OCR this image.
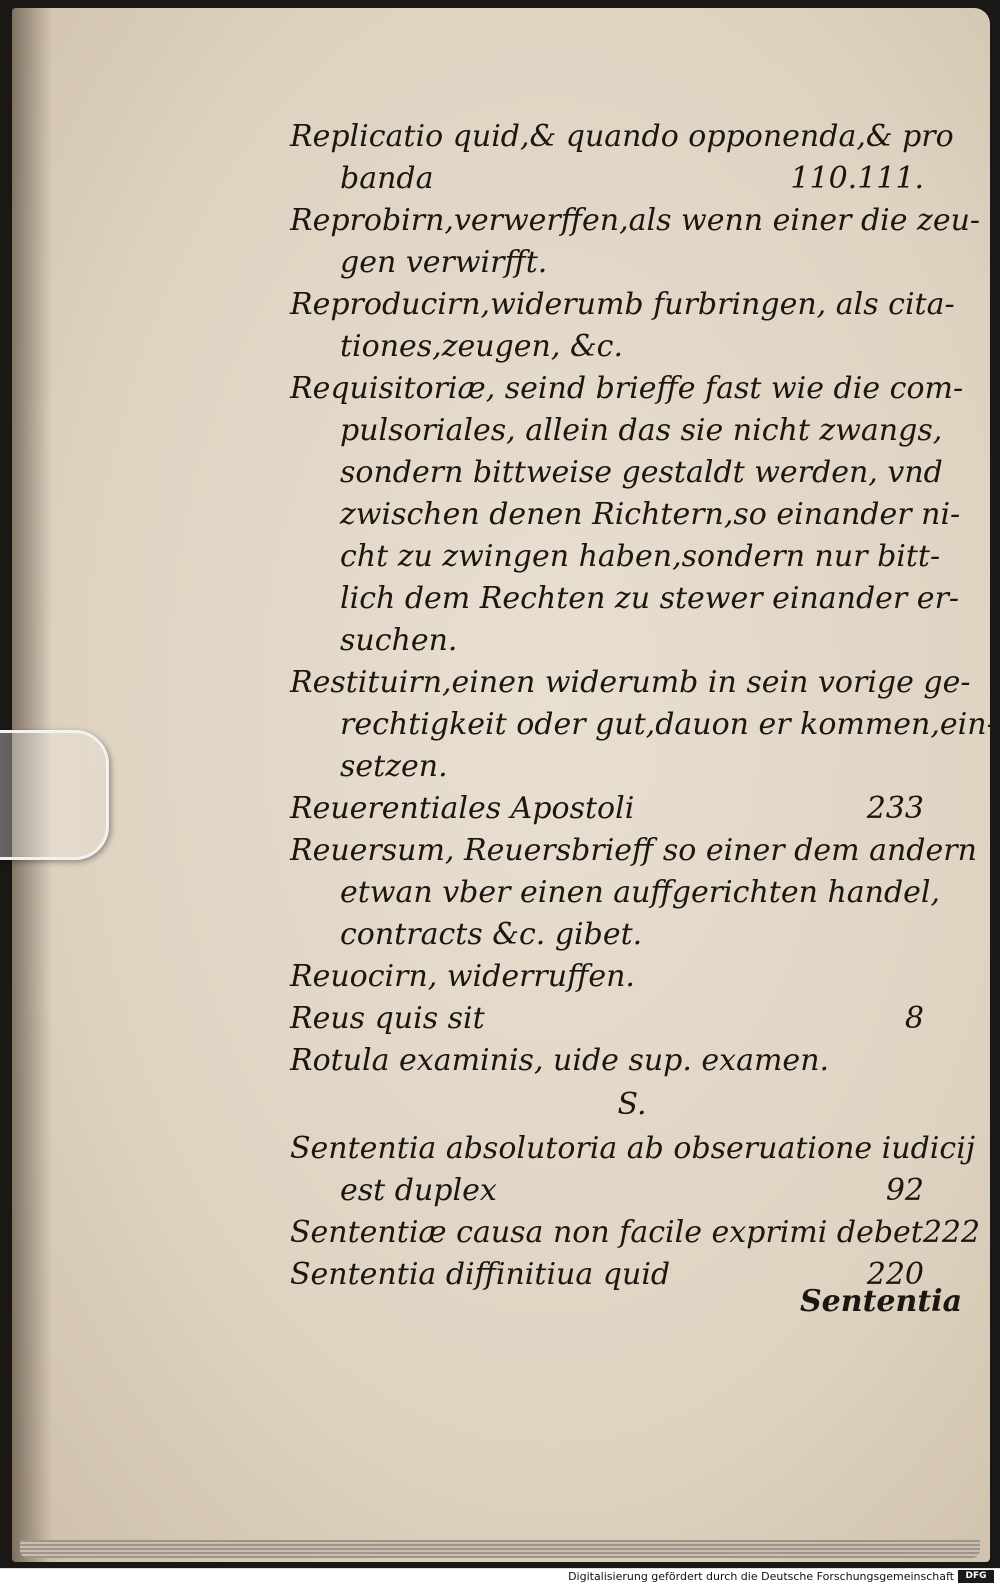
Replicatio quid,& quando opponenda,& pro
banda	110.111.
Reprobirn,verwerffen,als wenn einer die zeu-
gen verwirfft.
Reproducirn,widerumb furbringen, als cita-
tiones,zeugen, &c.
Requisitoriæ, seind brieffe fast wie die com-
pulsoriales, allein das sie nicht zwangs,
sondern bittweise gestaldt werden, vnd
zwischen denen Richtern,so einander ni-
cht zu zwingen haben,sondern nur bitt-
lich dem Rechten zu stewer einander er-
suchen.
Restituirn,einen widerumb in sein vorige ge-
rechtigkeit oder gut,dauon er kommen,ein-
setzen.
Reuerentiales Apostoli	233
Reuersum, Reuersbrieff so einer dem andern
etwan vber einen auffgerichten handel,
contracts &c. gibet.
Reuocirn, widerruffen.
Reus quis sit	8
Rotula examinis, uide sup. examen.
S.
Sententia absolutoria ab obseruatione iudicij
est duplex	92
Sententiæ causa non facile exprimi debet 222
Sententia diffinitiua quid	220
Sententia
Digitalisierung gefördert durch die Deutsche Forschungsgemeinschaft	DFG
